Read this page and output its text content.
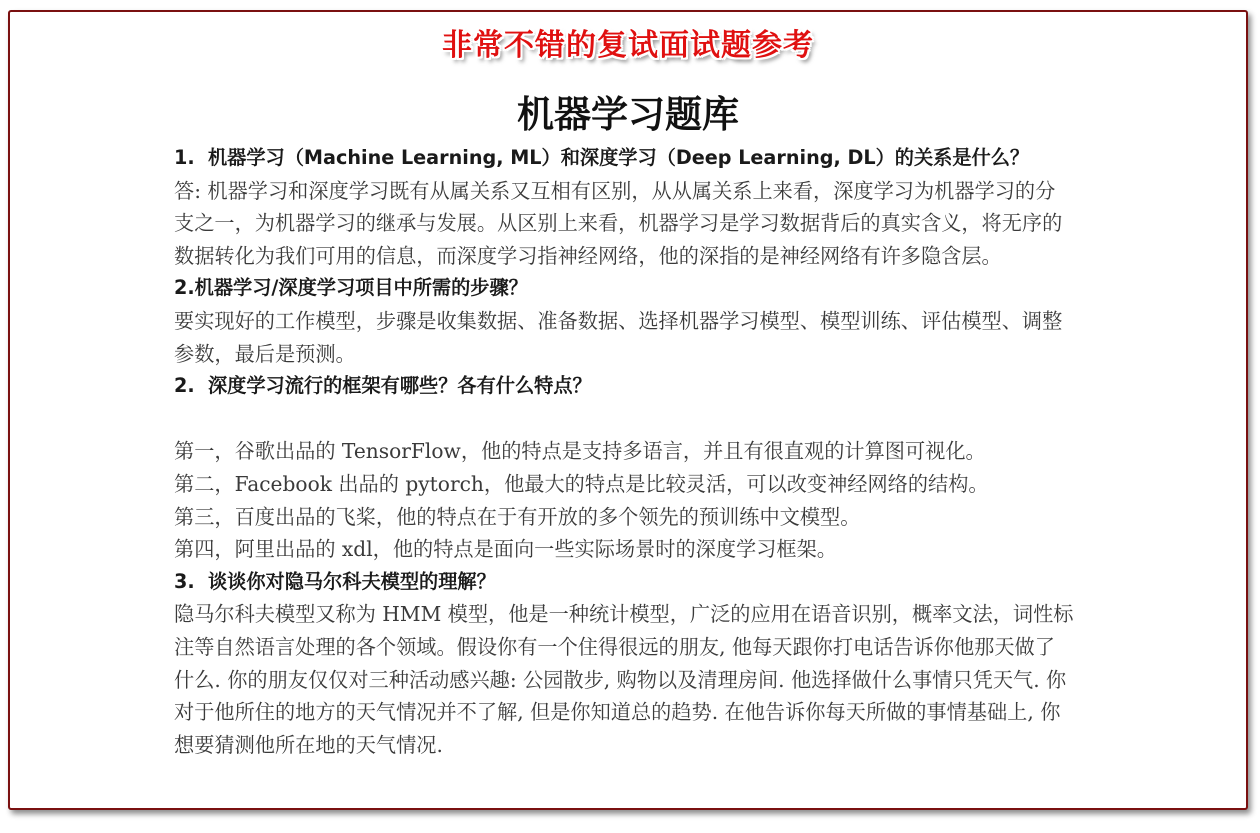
非常不错的复试面试题参考
机器学习题库
1. 机器学习（Machine Learning, ML）和深度学习（Deep Learning, DL）的关系是什么？

答: 机器学习和深度学习既有从属关系又互相有区别，从从属关系上来看，深度学习为机器学习的分支之一，为机器学习的继承与发展。从区别上来看，机器学习是学习数据背后的真实含义，将无序的数据转化为我们可用的信息，而深度学习指神经网络，他的深指的是神经网络有许多隐含层。

2.机器学习/深度学习项目中所需的步骤？

要实现好的工作模型，步骤是收集数据、准备数据、选择机器学习模型、模型训练、评估模型、调整参数，最后是预测。

2. 深度学习流行的框架有哪些？各有什么特点？
第一，谷歌出品的 TensorFlow，他的特点是支持多语言，并且有很直观的计算图可视化。
第二，Facebook 出品的 pytorch，他最大的特点是比较灵活，可以改变神经网络的结构。
第三，百度出品的飞桨，他的特点在于有开放的多个领先的预训练中文模型。
第四，阿里出品的 xdl，他的特点是面向一些实际场景时的深度学习框架。
3. 谈谈你对隐马尔科夫模型的理解？

隐马尔科夫模型又称为 HMM 模型，他是一种统计模型，广泛的应用在语音识别，概率文法，词性标注等自然语言处理的各个领域。假设你有一个住得很远的朋友, 他每天跟你打电话告诉你他那天做了什么. 你的朋友仅仅对三种活动感兴趣: 公园散步, 购物以及清理房间. 他选择做什么事情只凭天气. 你对于他所住的地方的天气情况并不了解, 但是你知道总的趋势. 在他告诉你每天所做的事情基础上, 你想要猜测他所在地的天气情况.
